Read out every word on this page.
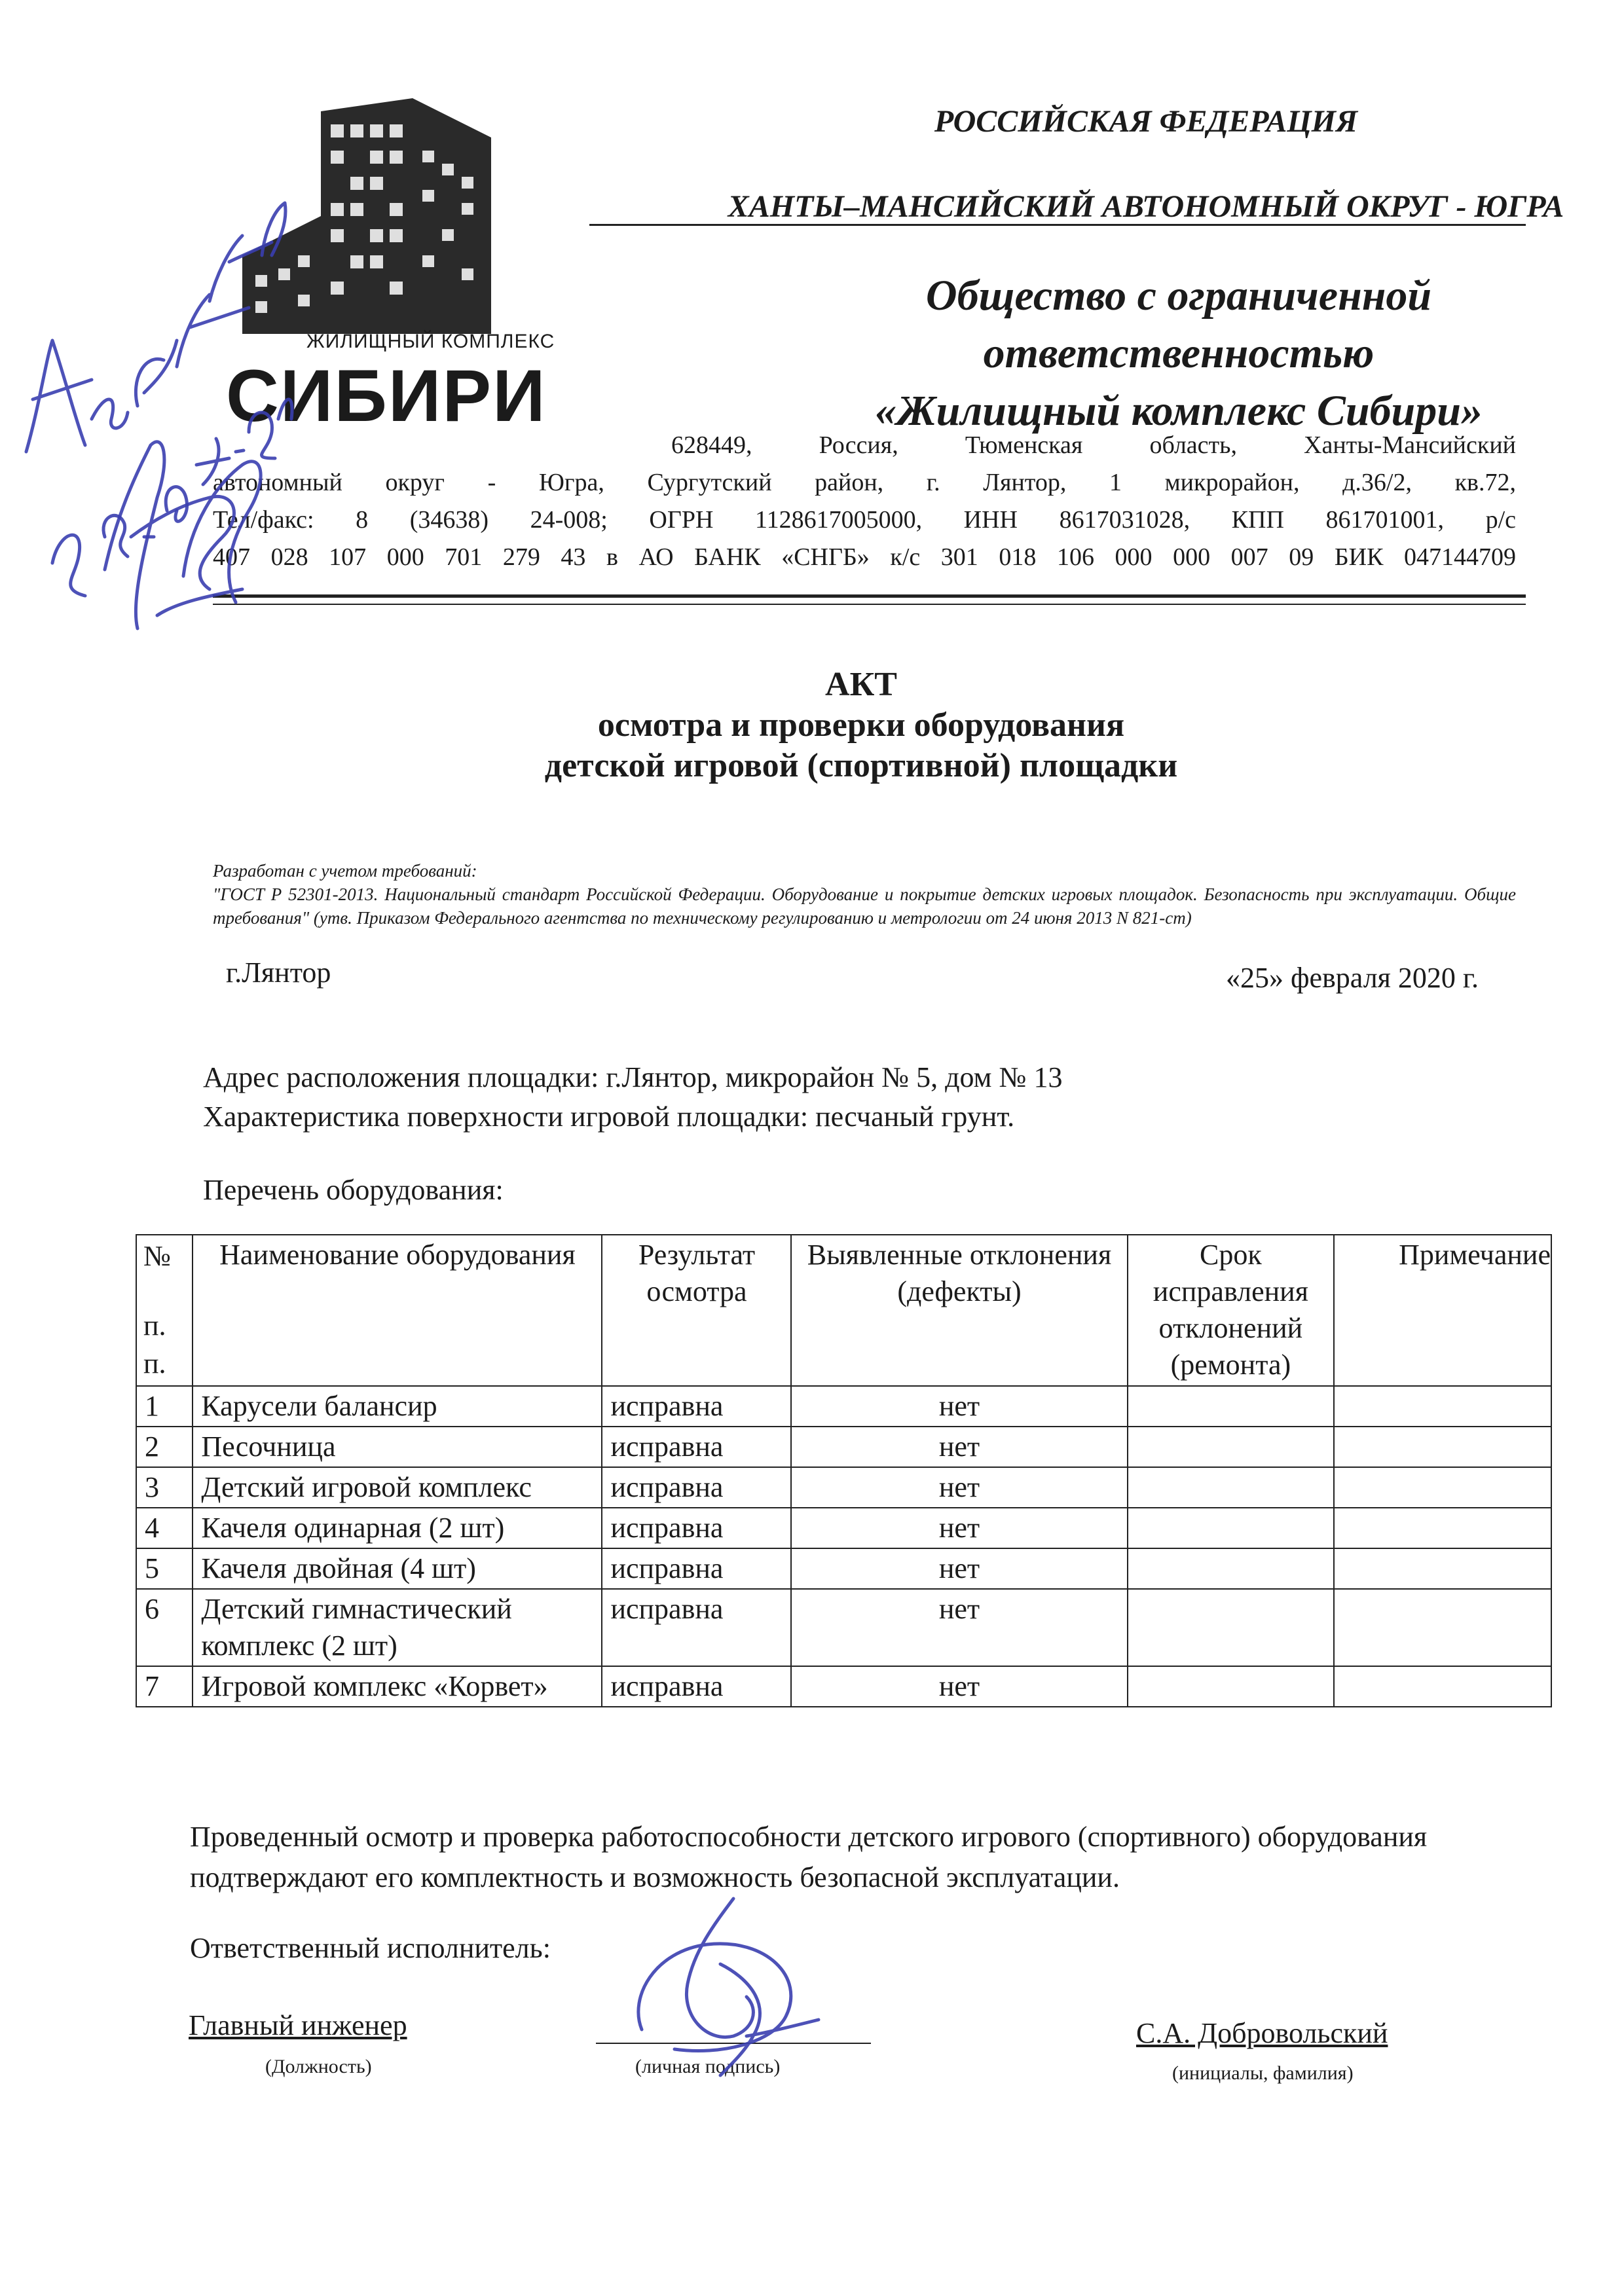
ЖИЛИЩНЫЙ КОМПЛЕКС
СИБИРИ
РОССИЙСКАЯ ФЕДЕРАЦИЯ
ХАНТЫ–МАНСИЙСКИЙ АВТОНОМНЫЙ ОКРУГ - ЮГРА
Общество с ограниченной
ответственностью
«Жилищный комплекс Сибири»
628449, Россия, Тюменская область, Ханты-Мансийский
автономный округ - Югра, Сургутский район, г. Лянтор, 1 микрорайон, д.36/2, кв.72,
Тел/факс: 8 (34638) 24-008; ОГРН 1128617005000, ИНН 8617031028, КПП 861701001, р/с
407 028 107 000 701 279 43 в АО БАНК «СНГБ» к/с 301 018 106 000 000 007 09 БИК 047144709
АКТ
осмотра и проверки оборудования
детской игровой (спортивной) площадки
Разработан с учетом требований:
"ГОСТ Р 52301-2013. Национальный стандарт Российской Федерации. Оборудование и покрытие детских игровых площадок. Безопасность при эксплуатации. Общие требования" (утв. Приказом Федерального агентства по техническому регулированию и метрологии от 24 июня 2013 N 821-ст)
г.Лянтор	«25» февраля 2020 г.
Адрес расположения площадки: г.Лянтор, микрорайон № 5, дом № 13
Характеристика поверхности игровой площадки: песчаный грунт.
Перечень оборудования:
№
п.
п.	Наименование оборудования	Результат осмотра	Выявленные отклонения (дефекты)	Срок исправления отклонений (ремонта)	Примечание
1	Карусели балансир	исправна	нет		
2	Песочница	исправна	нет		
3	Детский игровой комплекс	исправна	нет		
4	Качеля одинарная (2 шт)	исправна	нет		
5	Качеля двойная (4 шт)	исправна	нет		
6	Детский гимнастический комплекс (2 шт)	исправна	нет		
7	Игровой комплекс «Корвет»	исправна	нет		
Проведенный осмотр и проверка работоспособности детского игрового (спортивного) оборудования подтверждают его комплектность и возможность безопасной эксплуатации.
Ответственный исполнитель:
Главный инженер
(Должность)	(личная подпись)
С.А. Добровольский
(инициалы, фамилия)
